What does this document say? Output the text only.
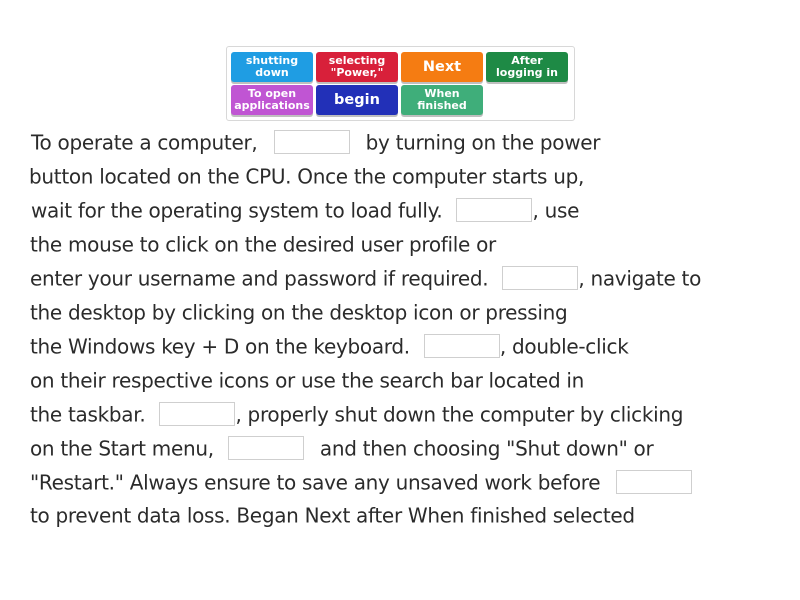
shutting down
selecting "Power,"	Next	After logging in
To open applications	begin	When finished
To operate a computer,	by turning on the power
button located on the CPU. Once the computer starts up,
wait for the operating system to load fully.	, use
the mouse to click on the desired user profile or
enter your username and password if required.	, navigate to
the desktop by clicking on the desktop icon or pressing
the Windows key + D on the keyboard.	, double-click
on their respective icons or use the search bar located in
the taskbar.	, properly shut down the computer by clicking
on the Start menu,	and then choosing "Shut down" or
"Restart." Always ensure to save any unsaved work before
to prevent data loss. Began Next after When finished selected
